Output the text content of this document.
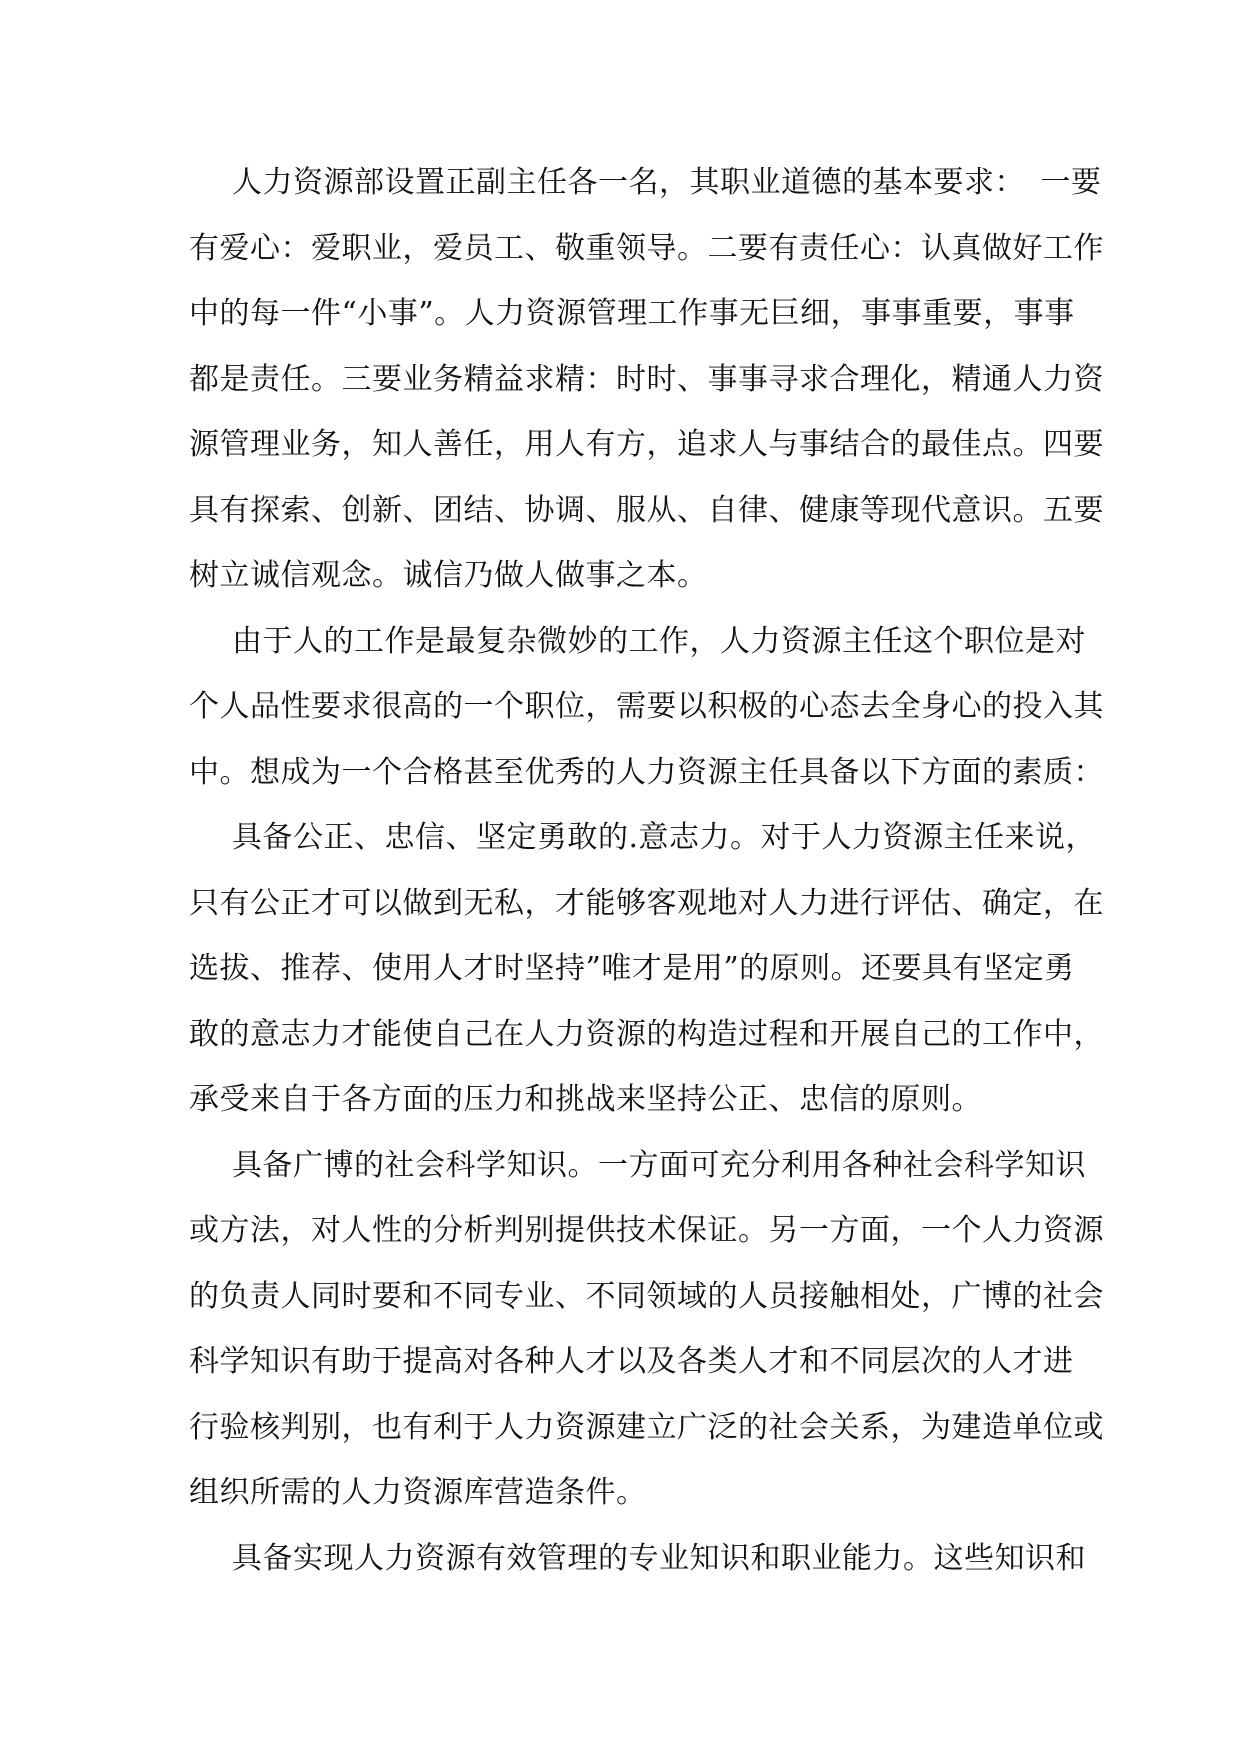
人力资源部设置正副主任各一名，其职业道德的基本要求：　一要
有爱心：爱职业，爱员工、敬重领导。二要有责任心：认真做好工作
中的每一件“小事”。人力资源管理工作事无巨细，事事重要，事事
都是责任。三要业务精益求精：时时、事事寻求合理化，精通人力资
源管理业务，知人善任，用人有方，追求人与事结合的最佳点。四要
具有探索、创新、团结、协调、服从、自律、健康等现代意识。五要
树立诚信观念。诚信乃做人做事之本。
由于人的工作是最复杂微妙的工作，人力资源主任这个职位是对
个人品性要求很高的一个职位，需要以积极的心态去全身心的投入其
中。想成为一个合格甚至优秀的人力资源主任具备以下方面的素质：
具备公正、忠信、坚定勇敢的.意志力。对于人力资源主任来说，
只有公正才可以做到无私，才能够客观地对人力进行评估、确定，在
选拔、推荐、使用人才时坚持”唯才是用”的原则。还要具有坚定勇
敢的意志力才能使自己在人力资源的构造过程和开展自己的工作中，
承受来自于各方面的压力和挑战来坚持公正、忠信的原则。
具备广博的社会科学知识。一方面可充分利用各种社会科学知识
或方法，对人性的分析判别提供技术保证。另一方面，一个人力资源
的负责人同时要和不同专业、不同领域的人员接触相处，广博的社会
科学知识有助于提高对各种人才以及各类人才和不同层次的人才进
行验核判别，也有利于人力资源建立广泛的社会关系，为建造单位或
组织所需的人力资源库营造条件。
具备实现人力资源有效管理的专业知识和职业能力。这些知识和
